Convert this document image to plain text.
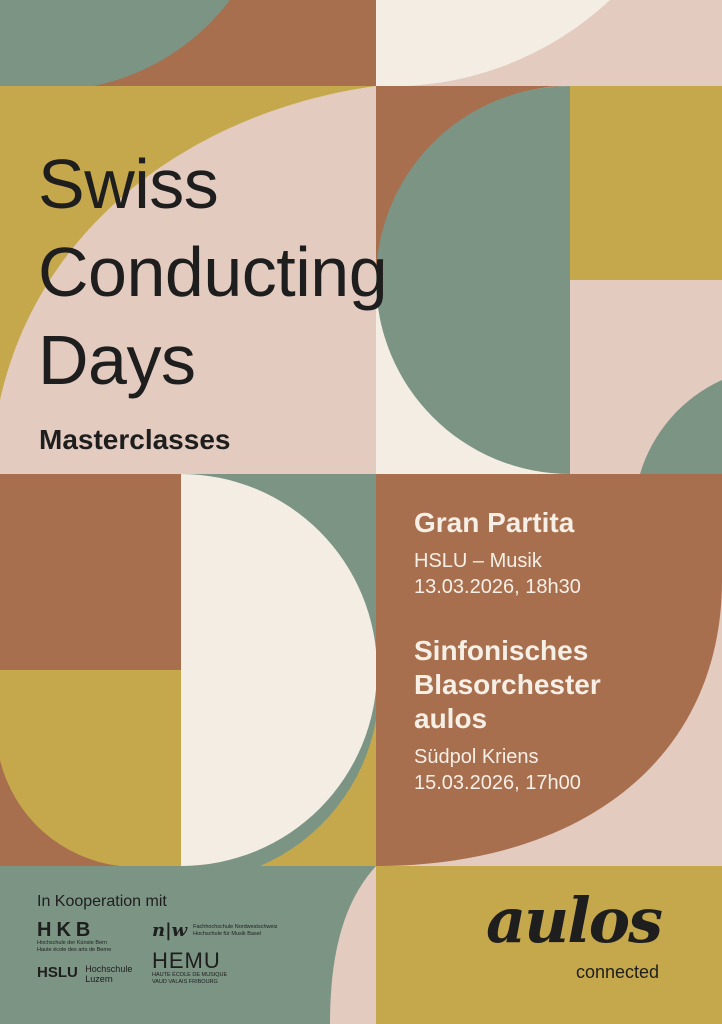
Swiss
Conducting
Days
Masterclasses
Gran Partita

HSLU – Musik
13.03.2026, 18h30

Sinfonisches
Blasorchester
aulos

Südpol Kriens
15.03.2026, 17h00

In Kooperation mit
HKB
Hochschule der Künste Bern
Haute école des arts de Berne
n|w Fachhochschule Nordwestschweiz
Hochschule für Musik Basel
HSLU Hochschule
Luzern
HEMU
HAUTE ÉCOLE DE MUSIQUE
VAUD VALAIS FRIBOURG
aulos
connected
